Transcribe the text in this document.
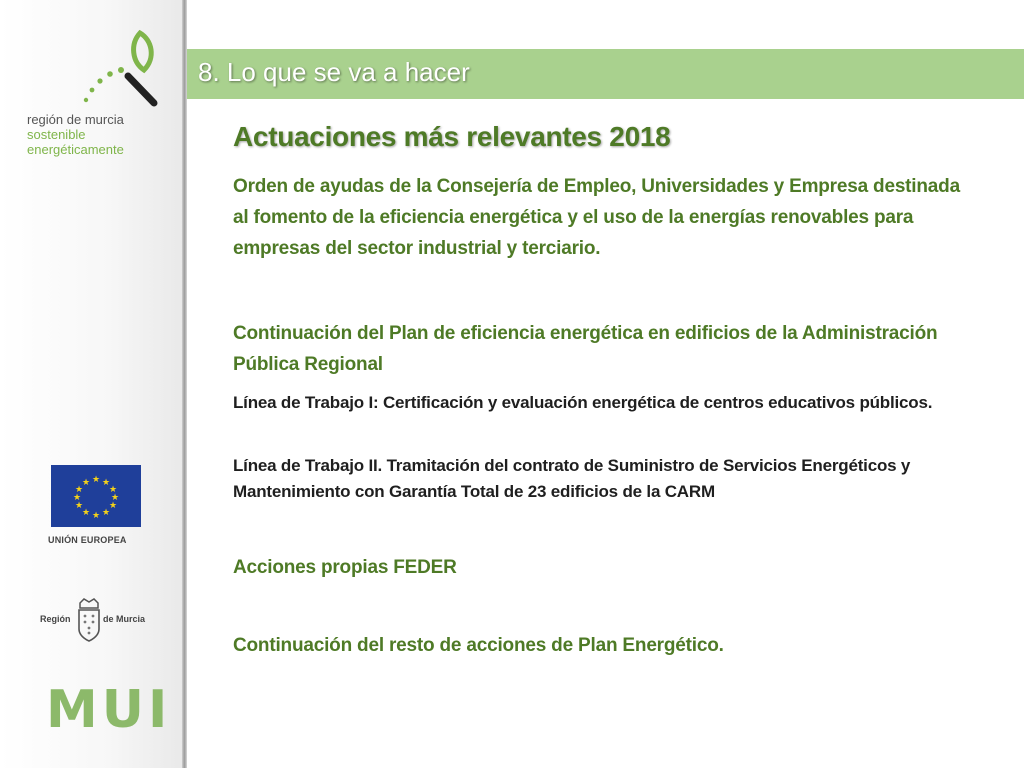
región de murcia
sostenible
energéticamente
★ ★
★
★
★
★
★
★
★
★
★
★
UNIÓN EUROPEA
Región	de Murcia
MUI
8. Lo que se va a hacer
Actuaciones más relevantes 2018
Orden de ayudas de la Consejería de Empleo, Universidades y Empresa destinada al fomento de la eficiencia energética y el uso de la energías renovables para empresas del sector industrial y terciario.
Continuación del Plan de eficiencia energética en edificios de la Administración Pública Regional
Línea de Trabajo I: Certificación y evaluación energética de centros educativos públicos.
Línea de Trabajo II. Tramitación del contrato de Suministro de Servicios Energéticos y Mantenimiento con Garantía Total de 23 edificios de la CARM
Acciones propias FEDER
Continuación del resto de acciones de Plan Energético.
